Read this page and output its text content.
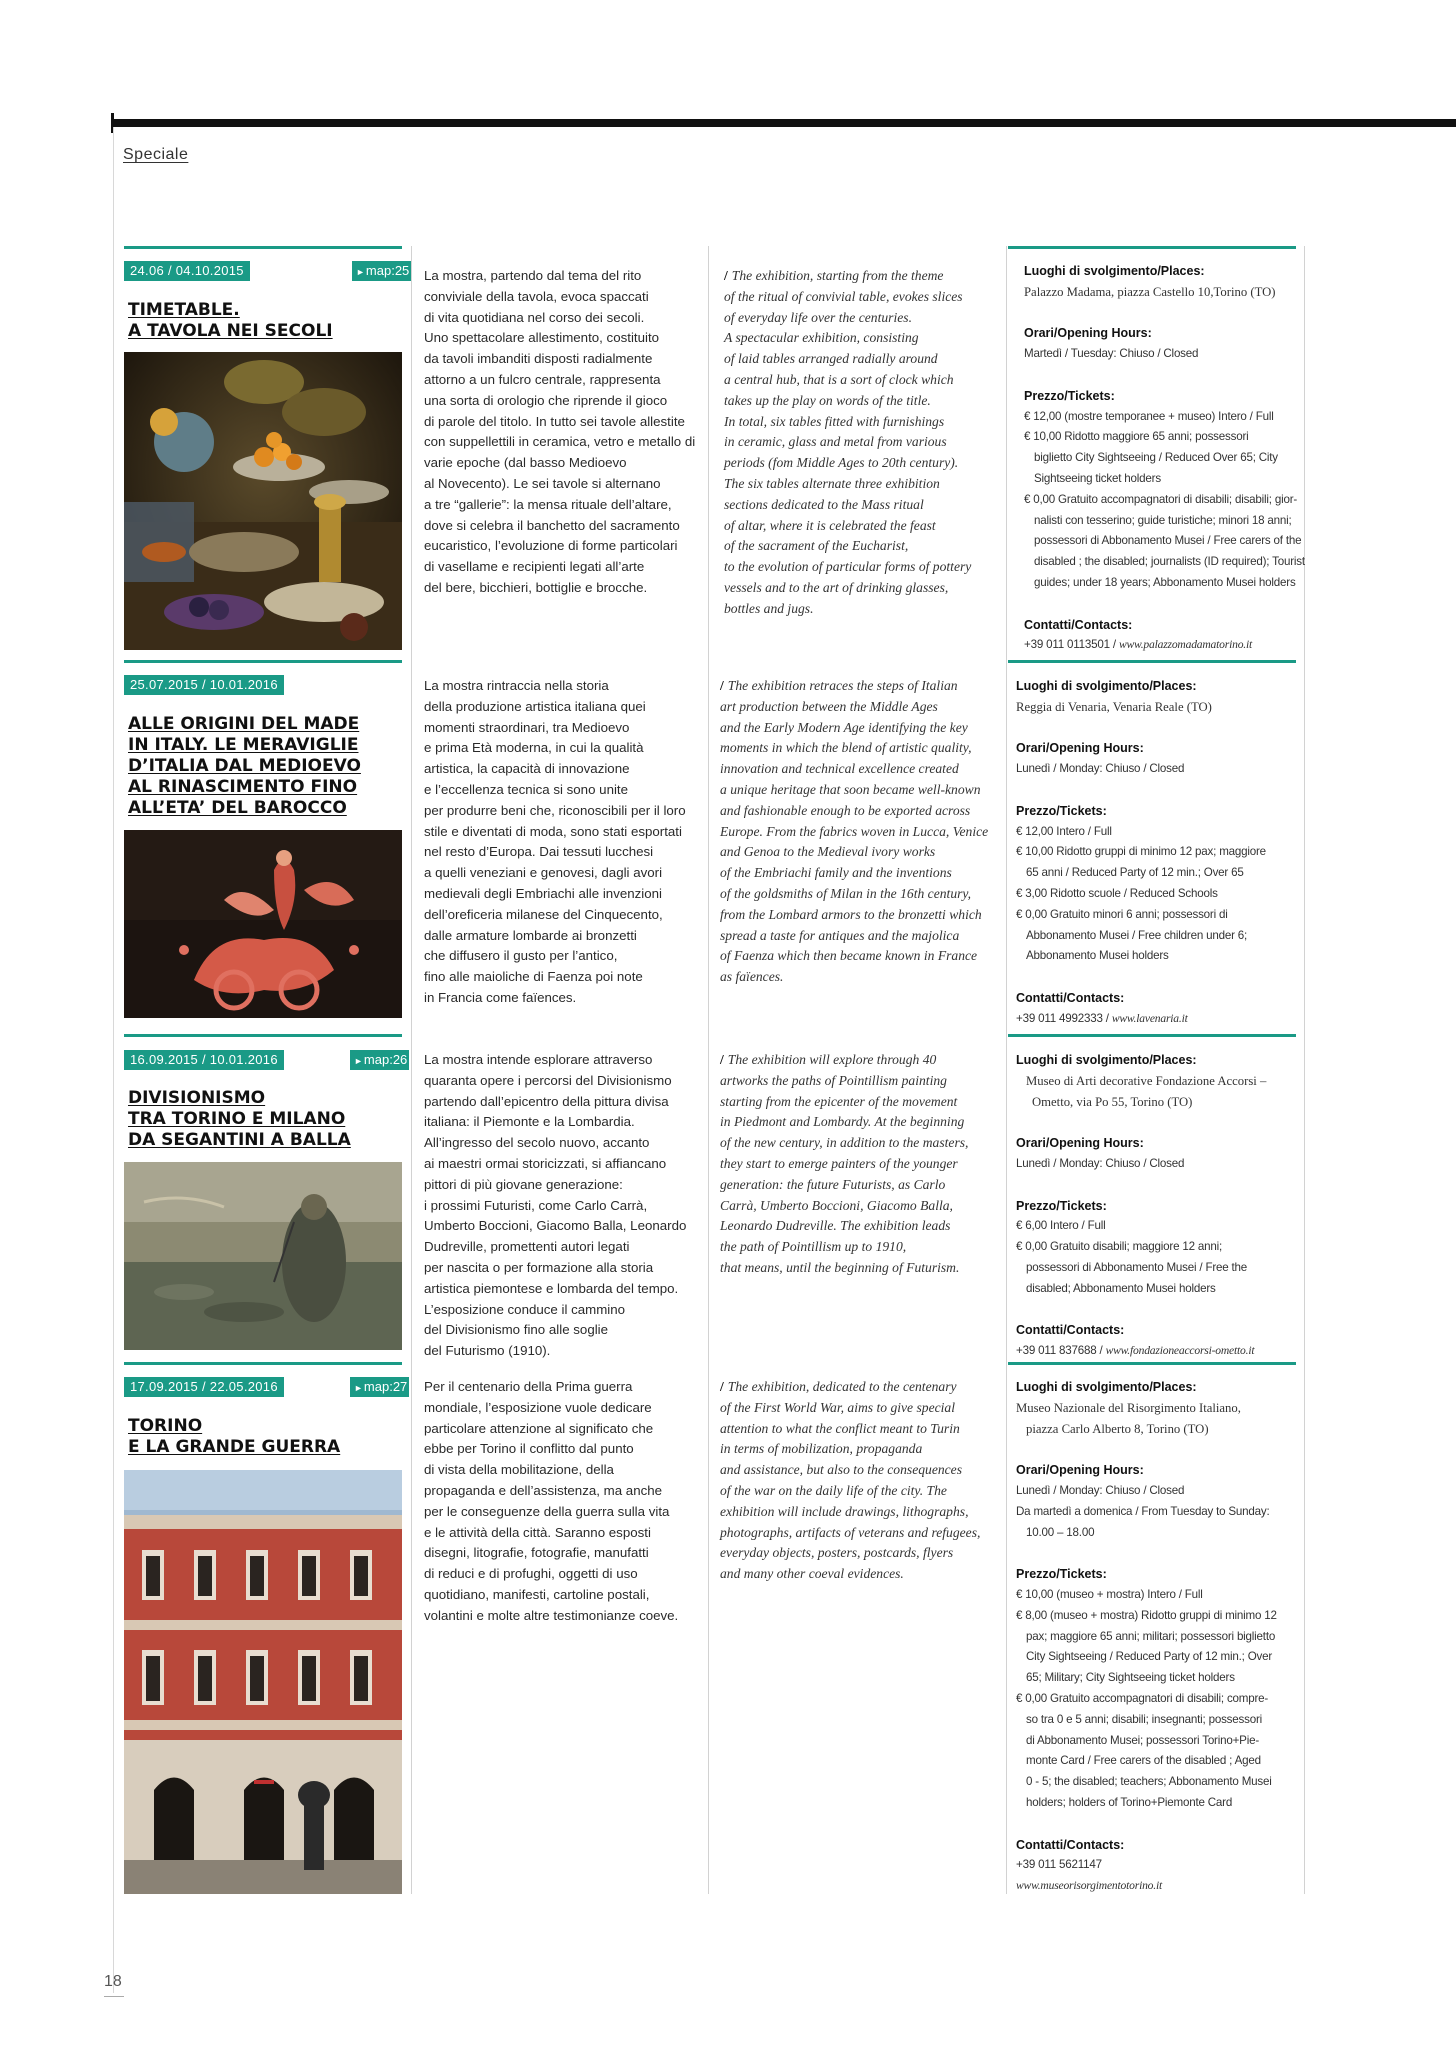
Speciale
24.06 / 04.10.2015	►map:25
TIMETABLE.
A TAVOLA NEI SECOLI
La mostra, partendo dal tema del rito
conviviale della tavola, evoca spaccati
di vita quotidiana nel corso dei secoli.
Uno spettacolare allestimento, costituito
da tavoli imbanditi disposti radialmente
attorno a un fulcro centrale, rappresenta
una sorta di orologio che riprende il gioco
di parole del titolo. In tutto sei tavole allestite
con suppellettili in ceramica, vetro e metallo di
varie epoche (dal basso Medioevo
al Novecento). Le sei tavole si alternano
a tre “gallerie”: la mensa rituale dell’altare,
dove si celebra il banchetto del sacramento
eucaristico, l’evoluzione di forme particolari
di vasellame e recipienti legati all’arte
del bere, bicchieri, bottiglie e brocche.
/ The exhibition, starting from the theme
of the ritual of convivial table, evokes slices
of everyday life over the centuries.
A spectacular exhibition, consisting
of laid tables arranged radially around
a central hub, that is a sort of clock which
takes up the play on words of the title.
In total, six tables fitted with furnishings
in ceramic, glass and metal from various
periods (fom Middle Ages to 20th century).
The six tables alternate three exhibition
sections dedicated to the Mass ritual
of altar, where it is celebrated the feast
of the sacrament of the Eucharist,
to the evolution of particular forms of pottery
vessels and to the art of drinking glasses,
bottles and jugs.
Luoghi di svolgimento/Places:
Palazzo Madama, piazza Castello 10,Torino (TO)
Orari/Opening Hours:
Martedì / Tuesday: Chiuso / Closed
Prezzo/Tickets:
€ 12,00 (mostre temporanee + museo) Intero / Full
€ 10,00 Ridotto maggiore 65 anni; possessori
biglietto City Sightseeing / Reduced Over 65; City
Sightseeing ticket holders
€ 0,00 Gratuito accompagnatori di disabili; disabili; gior-
nalisti con tesserino; guide turistiche; minori 18 anni;
possessori di Abbonamento Musei / Free carers of the
disabled ; the disabled; journalists (ID required); Tourist
guides; under 18 years; Abbonamento Musei holders
Contatti/Contacts:
+39 011 0113501 / www.palazzomadamatorino.it
25.07.2015 / 10.01.2016
ALLE ORIGINI DEL MADE
IN ITALY. LE MERAVIGLIE
D’ITALIA DAL MEDIOEVO
AL RINASCIMENTO FINO
ALL’ETA’ DEL BAROCCO
La mostra rintraccia nella storia
della produzione artistica italiana quei
momenti straordinari, tra Medioevo
e prima Età moderna, in cui la qualità
artistica, la capacità di innovazione
e l’eccellenza tecnica si sono unite
per produrre beni che, riconoscibili per il loro
stile e diventati di moda, sono stati esportati
nel resto d’Europa. Dai tessuti lucchesi
a quelli veneziani e genovesi, dagli avori
medievali degli Embriachi alle invenzioni
dell’oreficeria milanese del Cinquecento,
dalle armature lombarde ai bronzetti
che diffusero il gusto per l’antico,
fino alle maioliche di Faenza poi note
in Francia come faïences.
/ The exhibition retraces the steps of Italian
art production between the Middle Ages
and the Early Modern Age identifying the key
moments in which the blend of artistic quality,
innovation and technical excellence created
a unique heritage that soon became well-known
and fashionable enough to be exported across
Europe. From the fabrics woven in Lucca, Venice
and Genoa to the Medieval ivory works
of the Embriachi family and the inventions
of the goldsmiths of Milan in the 16th century,
from the Lombard armors to the bronzetti which
spread a taste for antiques and the majolica
of Faenza which then became known in France
as faïences.
Luoghi di svolgimento/Places:
Reggia di Venaria, Venaria Reale (TO)
Orari/Opening Hours:
Lunedì / Monday: Chiuso / Closed
Prezzo/Tickets:
€ 12,00 Intero / Full
€ 10,00 Ridotto gruppi di minimo 12 pax; maggiore
65 anni / Reduced Party of 12 min.; Over 65
€ 3,00 Ridotto scuole / Reduced Schools
€ 0,00 Gratuito minori 6 anni; possessori di
Abbonamento Musei / Free children under 6;
Abbonamento Musei holders
Contatti/Contacts:
+39 011 4992333 / www.lavenaria.it
16.09.2015 / 10.01.2016	►map:26
DIVISIONISMO
TRA TORINO E MILANO
DA SEGANTINI A BALLA
La mostra intende esplorare attraverso
quaranta opere i percorsi del Divisionismo
partendo dall’epicentro della pittura divisa
italiana: il Piemonte e la Lombardia.
All’ingresso del secolo nuovo, accanto
ai maestri ormai storicizzati, si affiancano
pittori di più giovane generazione:
i prossimi Futuristi, come Carlo Carrà,
Umberto Boccioni, Giacomo Balla, Leonardo
Dudreville, promettenti autori legati
per nascita o per formazione alla storia
artistica piemontese e lombarda del tempo.
L’esposizione conduce il cammino
del Divisionismo fino alle soglie
del Futurismo (1910).
/ The exhibition will explore through 40
artworks the paths of Pointillism painting
starting from the epicenter of the movement
in Piedmont and Lombardy. At the beginning
of the new century, in addition to the masters,
they start to emerge painters of the younger
generation: the future Futurists, as Carlo
Carrà, Umberto Boccioni, Giacomo Balla,
Leonardo Dudreville. The exhibition leads
the path of Pointillism up to 1910,
that means, until the beginning of Futurism.
Luoghi di svolgimento/Places:
Museo di Arti decorative Fondazione Accorsi –
Ometto, via Po 55, Torino (TO)
Orari/Opening Hours:
Lunedì / Monday: Chiuso / Closed
Prezzo/Tickets:
€ 6,00 Intero / Full
€ 0,00 Gratuito disabili; maggiore 12 anni;
possessori di Abbonamento Musei / Free the
disabled; Abbonamento Musei holders
Contatti/Contacts:
+39 011 837688 / www.fondazioneaccorsi-ometto.it
17.09.2015 / 22.05.2016	►map:27
TORINO
E LA GRANDE GUERRA
Per il centenario della Prima guerra
mondiale, l’esposizione vuole dedicare
particolare attenzione al significato che
ebbe per Torino il conflitto dal punto
di vista della mobilitazione, della
propaganda e dell’assistenza, ma anche
per le conseguenze della guerra sulla vita
e le attività della città. Saranno esposti
disegni, litografie, fotografie, manufatti
di reduci e di profughi, oggetti di uso
quotidiano, manifesti, cartoline postali,
volantini e molte altre testimonianze coeve.
/ The exhibition, dedicated to the centenary
of the First World War, aims to give special
attention to what the conflict meant to Turin
in terms of mobilization, propaganda
and assistance, but also to the consequences
of the war on the daily life of the city. The
exhibition will include drawings, lithographs,
photographs, artifacts of veterans and refugees,
everyday objects, posters, postcards, flyers
and many other coeval evidences.
Luoghi di svolgimento/Places:
Museo Nazionale del Risorgimento Italiano,
piazza Carlo Alberto 8, Torino (TO)
Orari/Opening Hours:
Lunedì / Monday: Chiuso / Closed
Da martedì a domenica / From Tuesday to Sunday:
10.00 – 18.00
Prezzo/Tickets:
€ 10,00 (museo + mostra) Intero / Full
€ 8,00 (museo + mostra) Ridotto gruppi di minimo 12
pax; maggiore 65 anni; militari; possessori biglietto
City Sightseeing / Reduced Party of 12 min.; Over
65; Military; City Sightseeing ticket holders
€ 0,00 Gratuito accompagnatori di disabili; compre-
so tra 0 e 5 anni; disabili; insegnanti; possessori
di Abbonamento Musei; possessori Torino+Pie-
monte Card / Free carers of the disabled ; Aged
0 - 5; the disabled; teachers; Abbonamento Musei
holders; holders of Torino+Piemonte Card
Contatti/Contacts:
+39 011 5621147
www.museorisorgimentotorino.it
18
